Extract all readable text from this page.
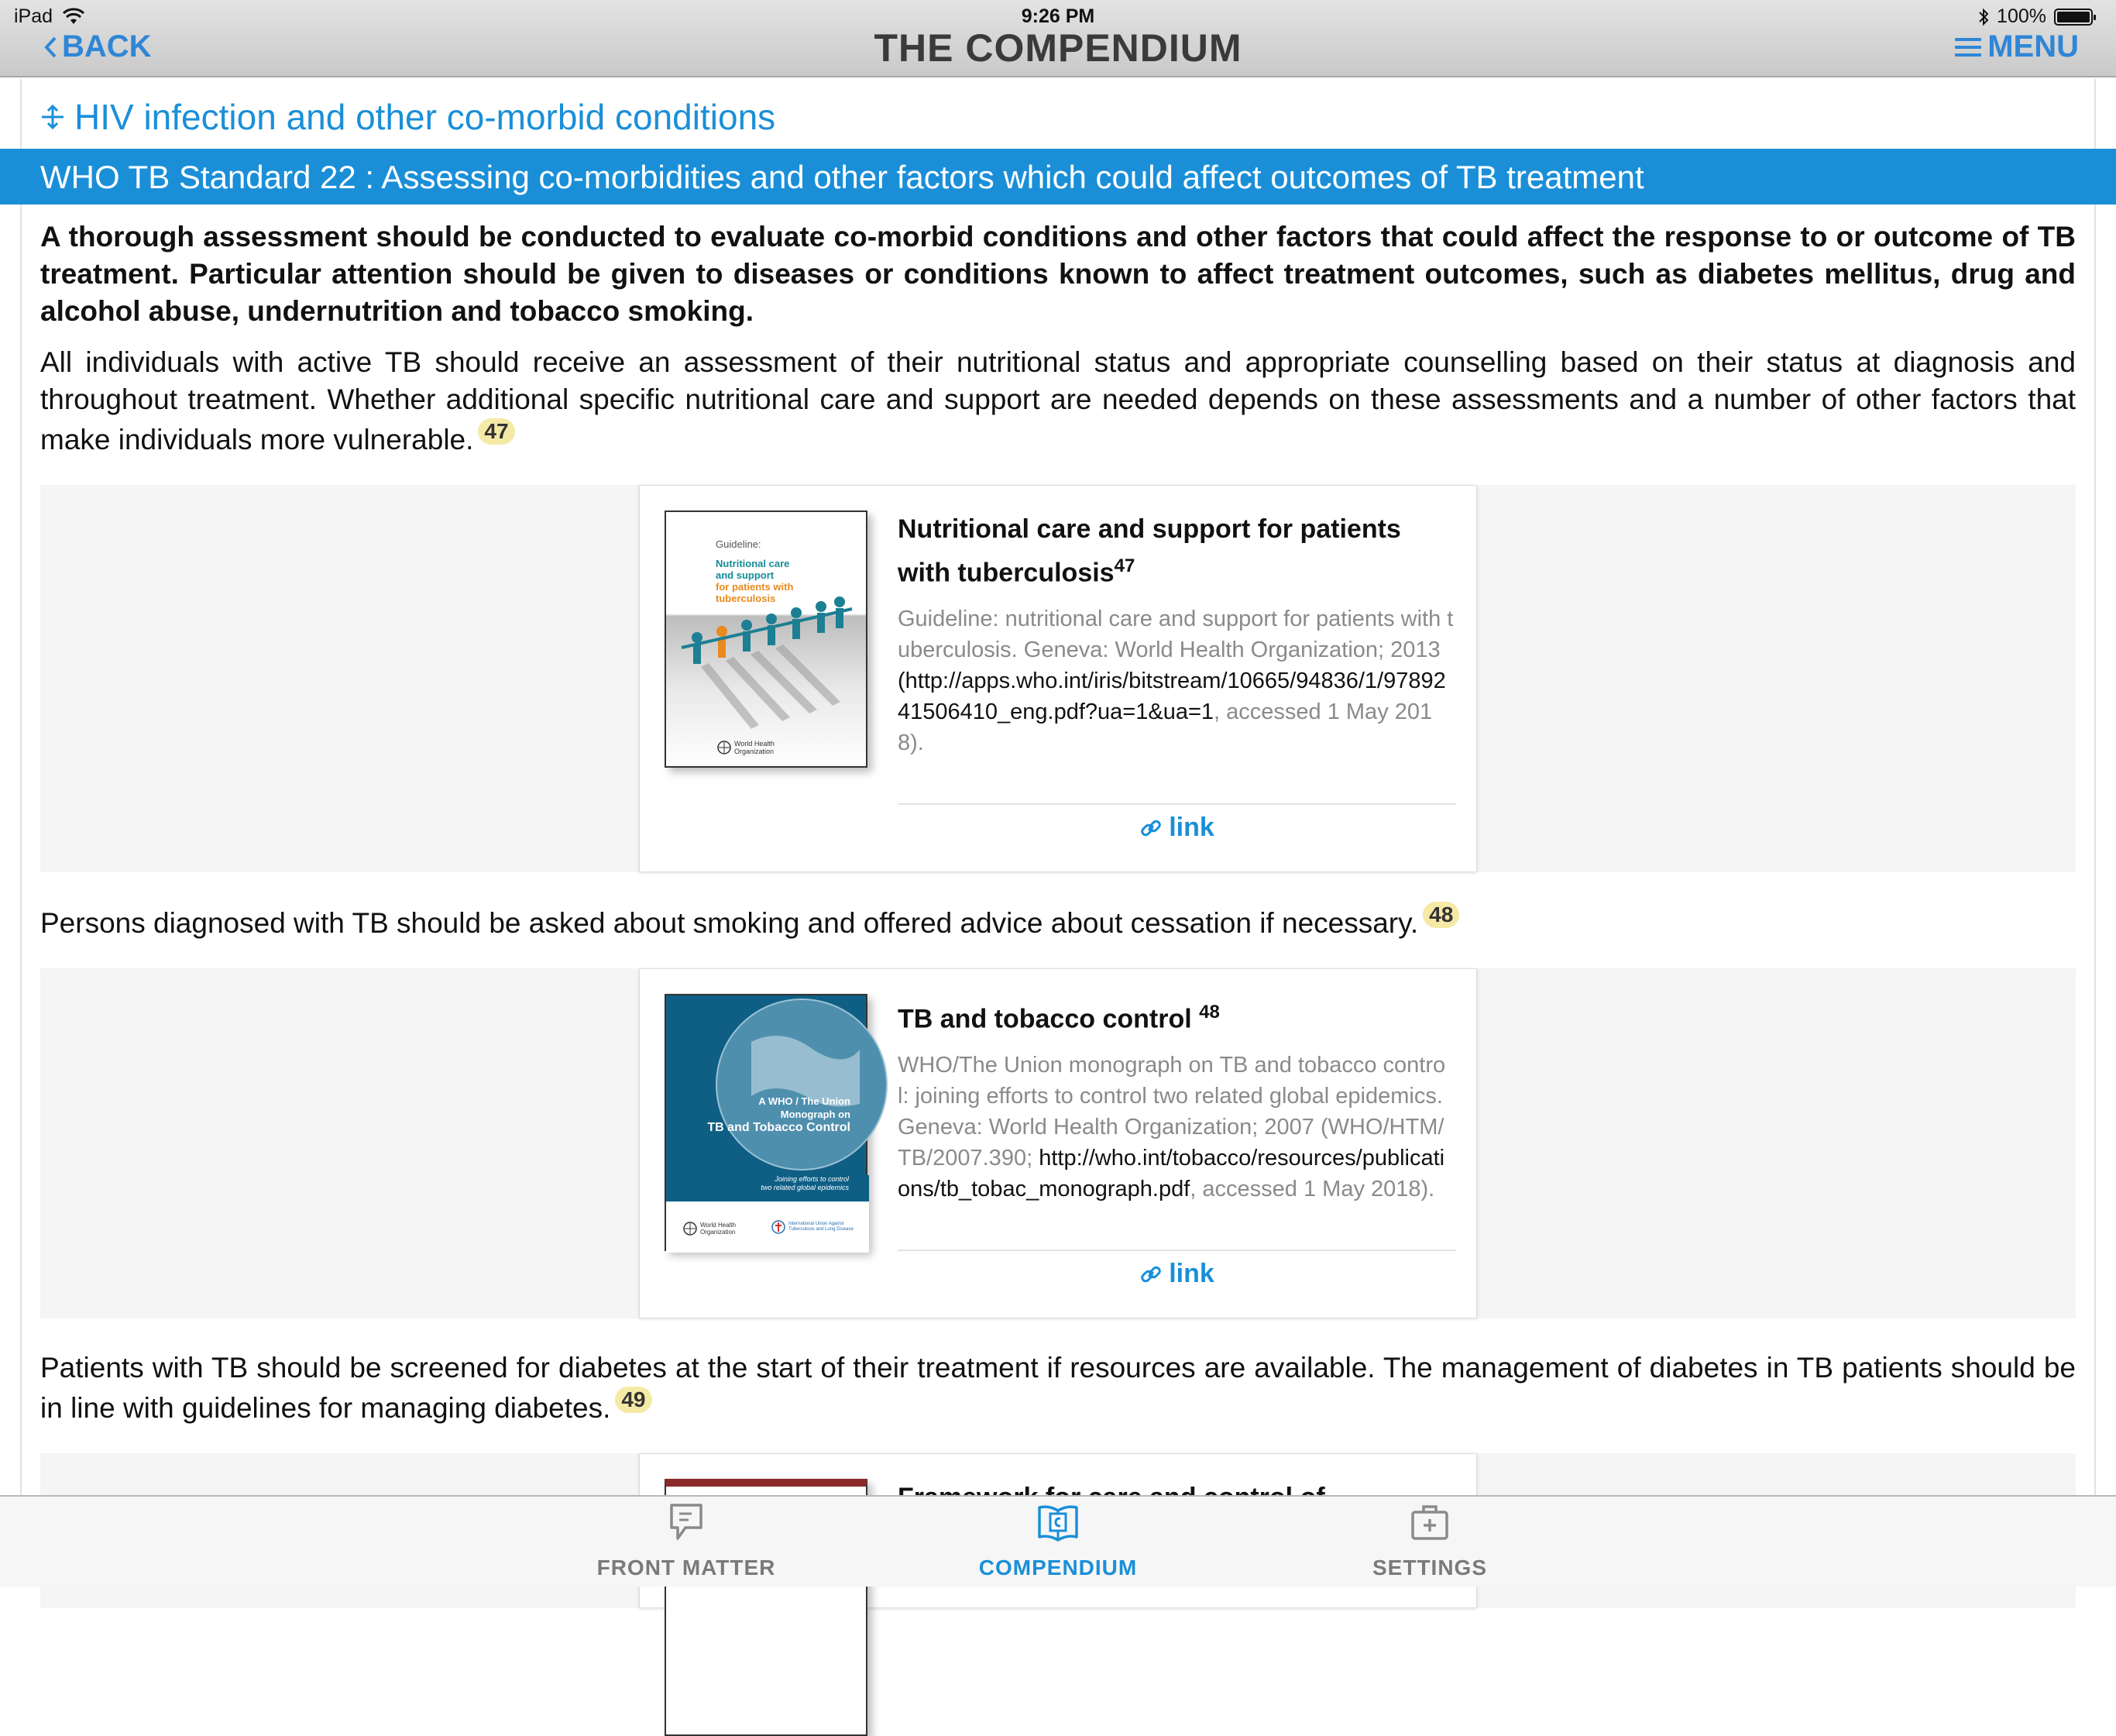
iPad	9:26 PM	100%
BACK	THE COMPENDIUM	MENU
HIV infection and other co-morbid conditions
WHO TB Standard 22 : Assessing co-morbidities and other factors which could affect outcomes of TB treatment

A thorough assessment should be conducted to evaluate co-morbid conditions and other factors that could affect the response to or outcome of TB treatment. Particular attention should be given to diseases or conditions known to affect treatment outcomes, such as diabetes mellitus, drug and alcohol abuse, undernutrition and tobacco smoking.

All individuals with active TB should receive an assessment of their nutritional status and appropriate counselling based on their status at diagnosis and throughout treatment. Whether additional specific nutritional care and support are needed depends on these assessments and a number of other factors that make individuals more vulnerable. 47

Guideline:
Nutritional care
and support
for patients with
tuberculosis
World Health Organization
Nutritional care and support for patients with tuberculosis$^{47}$
Guideline: nutritional care and support for patients with tuberculosis. Geneva: World Health Organization; 2013 (http://apps.who.int/iris/bitstream/10665/94836/1/9789241506410_eng.pdf?ua=1&ua=1, accessed 1 May 2018).
link

Persons diagnosed with TB should be asked about smoking and offered advice about cessation if necessary. 48

A WHO / The Union
Monograph on
TB and Tobacco Control
Joining efforts to control
two related global epidemics
World Health Organization
International Union Against Tuberculosis and Lung Disease
TB and tobacco control $^{48}$
WHO/The Union monograph on TB and tobacco control: joining efforts to control two related global epidemics. Geneva: World Health Organization; 2007 (WHO/HTM/TB/2007.390; http://who.int/tobacco/resources/publications/tb_tobac_monograph.pdf, accessed 1 May 2018).
link

Patients with TB should be screened for diabetes at the start of their treatment if resources are available. The management of diabetes in TB patients should be in line with guidelines for managing diabetes. 49

FRONT MATTER	COMPENDIUM	SETTINGS
